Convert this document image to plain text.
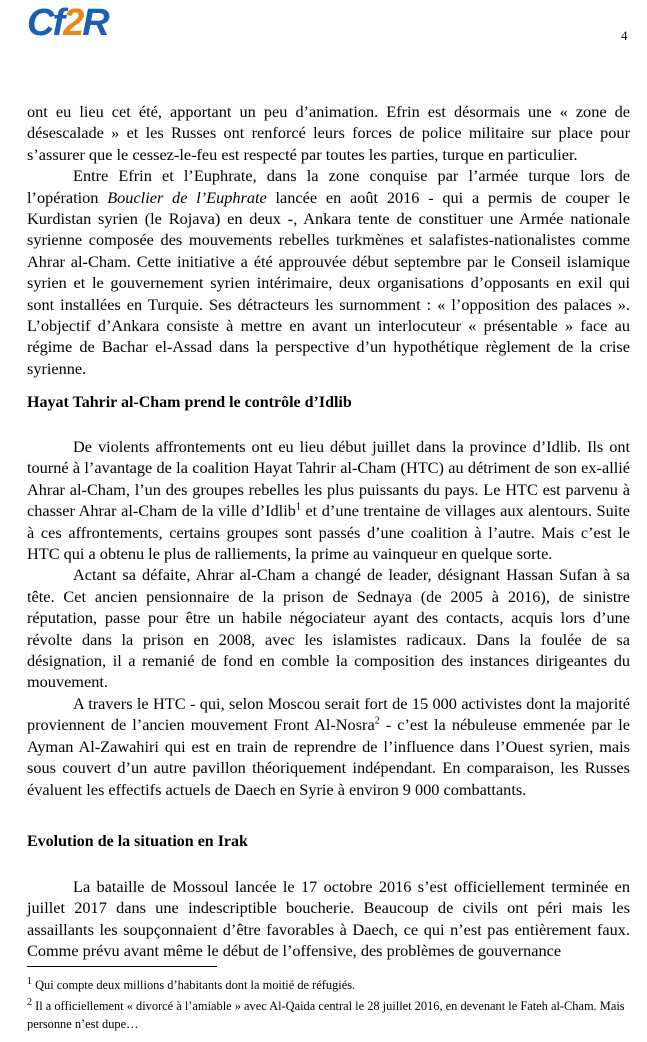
Cf 2 R	4

ont eu lieu cet été, apportant un peu d’animation. Efrin est désormais une « zone de désescalade » et les Russes ont renforcé leurs forces de police militaire sur place pour s’assurer que le cessez-le-feu est respecté par toutes les parties, turque en particulier.

Entre Efrin et l’Euphrate, dans la zone conquise par l’armée turque lors de l’opération Bouclier de l’Euphrate lancée en août 2016 - qui a permis de couper le Kurdistan syrien (le Rojava) en deux -, Ankara tente de constituer une Armée nationale syrienne composée des mouvements rebelles turkmènes et salafistes-nationalistes comme Ahrar al-Cham. Cette initiative a été approuvée début septembre par le Conseil islamique syrien et le gouvernement syrien intérimaire, deux organisations d’opposants en exil qui sont installées en Turquie. Ses détracteurs les surnomment : « l’opposition des palaces ». L’objectif d’Ankara consiste à mettre en avant un interlocuteur « présentable » face au régime de Bachar el-Assad dans la perspective d’un hypothétique règlement de la crise syrienne.

Hayat Tahrir al-Cham prend le contrôle d’Idlib

De violents affrontements ont eu lieu début juillet dans la province d’Idlib. Ils ont tourné à l’avantage de la coalition Hayat Tahrir al-Cham (HTC) au détriment de son ex-allié Ahrar al-Cham, l’un des groupes rebelles les plus puissants du pays. Le HTC est parvenu à chasser Ahrar al-Cham de la ville d’Idlib$^1$ et d’une trentaine de villages aux alentours. Suite à ces affrontements, certains groupes sont passés d’une coalition à l’autre. Mais c’est le HTC qui a obtenu le plus de ralliements, la prime au vainqueur en quelque sorte.

Actant sa défaite, Ahrar al-Cham a changé de leader, désignant Hassan Sufan à sa tête. Cet ancien pensionnaire de la prison de Sednaya (de 2005 à 2016), de sinistre réputation, passe pour être un habile négociateur ayant des contacts, acquis lors d’une révolte dans la prison en 2008, avec les islamistes radicaux. Dans la foulée de sa désignation, il a remanié de fond en comble la composition des instances dirigeantes du mouvement.

A travers le HTC - qui, selon Moscou serait fort de 15 000 activistes dont la majorité proviennent de l’ancien mouvement Front Al-Nosra$^2$ - c’est la nébuleuse emmenée par le Ayman Al-Zawahiri qui est en train de reprendre de l’influence dans l’Ouest syrien, mais sous couvert d’un autre pavillon théoriquement indépendant. En comparaison, les Russes évaluent les effectifs actuels de Daech en Syrie à environ 9 000 combattants.

Evolution de la situation en Irak

La bataille de Mossoul lancée le 17 octobre 2016 s’est officiellement terminée en juillet 2017 dans une indescriptible boucherie. Beaucoup de civils ont péri mais les assaillants les soupçonnaient d’être favorables à Daech, ce qui n’est pas entièrement faux. Comme prévu avant même le début de l’offensive, des problèmes de gouvernance

$^1$ Qui compte deux millions d’habitants dont la moitié de réfugiés.

$^2$ Il a officiellement « divorcé à l’amiable » avec Al-Qaida central le 28 juillet 2016, en devenant le Fateh al-Cham. Mais personne n’est dupe…
